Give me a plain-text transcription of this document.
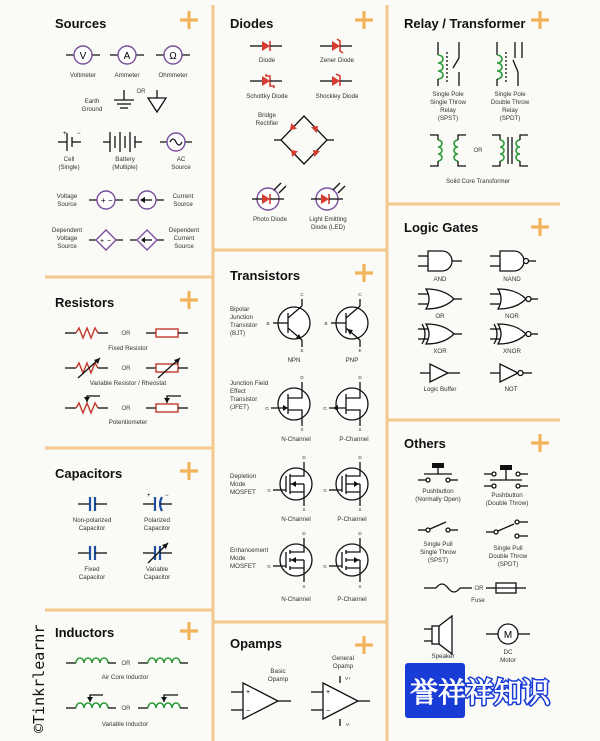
Sources
V
Voltmeter
A
Ammeter
Ω
Ohmmeter
Earth
Ground
OR
+ −
Cell
(Single)
Battery
(Multiple)
AC
Source
Voltage
Source	+ −	Current
Source
Dependent
Voltage
Source
+ −
Dependent
Current
Source
Resistors
OR
Fixed Resistor
OR
Variable Resistor / Rheostat
OR
Potentiometer
Capacitors
Non-polarized
Capacitor
+ −
Polarized
Capacitor
Fixed
Capacitor
Variable
Capacitor
Inductors
OR
Air Core Inductor
OR
Variable Inductor
Diodes
Diode	Zener Diode
Schottky Diode	Shockley Diode
Bridge
Rectifier
Photo Diode	Light Emitting
Diode (LED)
Transistors
Bipolar
Junction
Transistor
(BJT)
B
C
E
NPN
B
C
E
PNP
Junction Field
Effect
Transistor
(JFET)	G
D
S
N-Channel
G
D
S
P-Channel
Depletion
Mode
MOSFET	G
D
S
N-Channel
G
D
S
P-Channel
Enhancement
Mode
MOSFET	G
D
S
N-Channel
G
D
S
P-Channel
Opamps
Basic
Opamp
+
−
General
Opamp
+
−
V+
V-
Relay / Transformer
Single Pole
Single Throw
Relay
(SPST)
Single Pole
Double Throw
Relay
(SPDT)
OR
Solid Core Transformer
Logic Gates
AND	NAND
OR	NOR
XOR	XNOR
Logic Buffer	NOT
Others
Pushbutton
(Normally Open)
Pushbutton
(Double Throw)
Single Pull
Single Throw
(SPST)
Single Pull
Double Throw
(SPDT)
OR
Fuse
Speaker
M
DC
Motor
©Tinkrlearnr	誉祥祥知识
